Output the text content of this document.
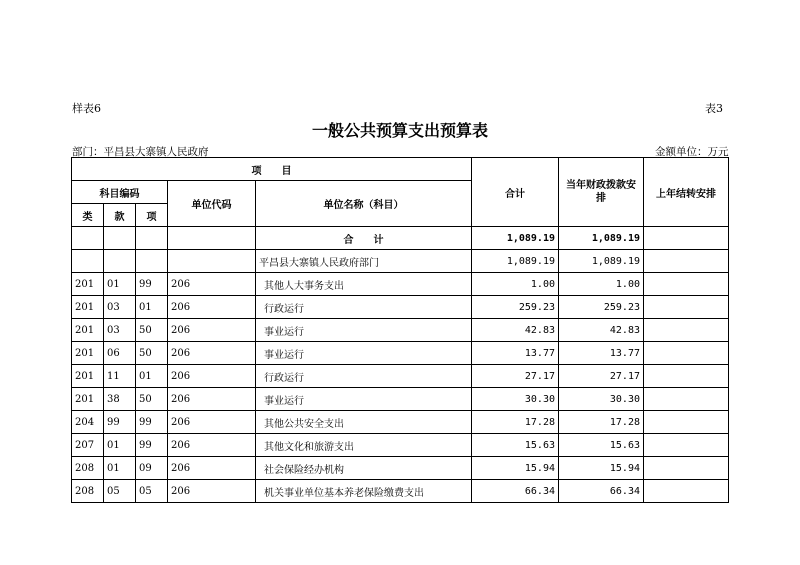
样表6	表3
一般公共预算支出预算表
部门：平昌县大寨镇人民政府	金额单位：万元
项　　目					合计	当年财政拨款安排	上年结转安排
科目编码			单位代码	单位名称（科目）			
类	款	项					
				合　　计	1,089.19	1,089.19	
				平昌县大寨镇人民政府部门	1,089.19	1,089.19	
201	01	99	206	其他人大事务支出	1.00	1.00	
201	03	01	206	行政运行	259.23	259.23	
201	03	50	206	事业运行	42.83	42.83	
201	06	50	206	事业运行	13.77	13.77	
201	11	01	206	行政运行	27.17	27.17	
201	38	50	206	事业运行	30.30	30.30	
204	99	99	206	其他公共安全支出	17.28	17.28	
207	01	99	206	其他文化和旅游支出	15.63	15.63	
208	01	09	206	社会保险经办机构	15.94	15.94	
208	05	05	206	机关事业单位基本养老保险缴费支出	66.34	66.34	
